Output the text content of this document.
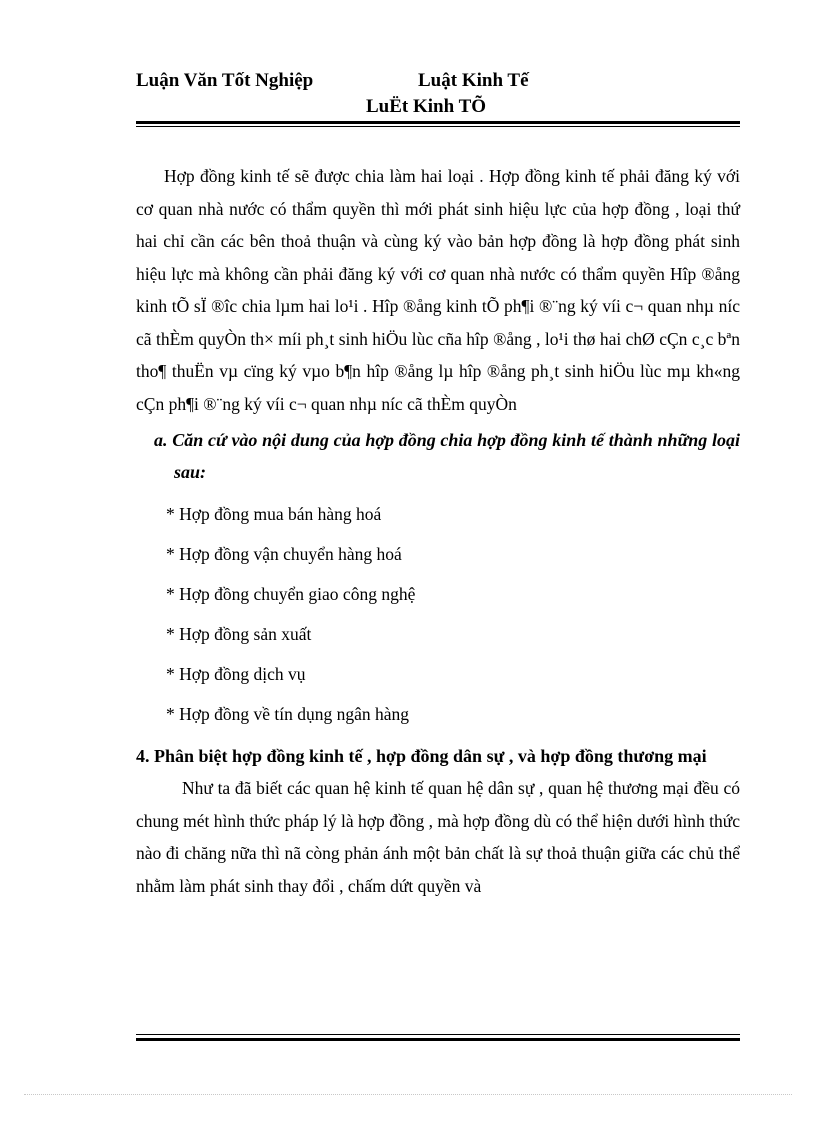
Luận Văn Tốt Nghiệp	Luật Kinh Tế
LuËt Kinh TÕ

Hợp đồng kinh tế sẽ được chia làm hai loại . Hợp đồng kinh tế phải đăng ký với cơ quan nhà nước có thẩm quyền thì mới phát sinh hiệu lực của hợp đồng , loại thứ hai chỉ cần các bên thoả thuận và cùng ký vào bản hợp đồng là hợp đồng phát sinh hiệu lực mà không cần phải đăng ký với cơ quan nhà nước có thẩm quyền Hîp ®ång kinh tÕ sÏ ®îc chia lµm hai lo¹i . Hîp ®ång kinh tÕ ph¶i ®¨ng ký víi c¬ quan nhµ níc cã thÈm quyÒn th× míi ph¸t sinh hiÖu lùc cña hîp ®ång , lo¹i thø hai chØ cÇn c¸c bªn tho¶ thuËn vµ cïng ký vµo b¶n hîp ®ång lµ hîp ®ång ph¸t sinh hiÖu lùc mµ kh«ng cÇn ph¶i ®¨ng ký víi c¬ quan nhµ níc cã thÈm quyÒn

a. Căn cứ vào nội dung của hợp đồng chia hợp đồng kinh tế thành những loại sau:

* Hợp đồng mua bán hàng hoá
* Hợp đồng vận chuyển hàng hoá
* Hợp đồng chuyển giao công nghệ
* Hợp đồng sản xuất
* Hợp đồng dịch vụ
* Hợp đồng về tín dụng ngân hàng

4. Phân biệt hợp đồng kinh tế , hợp đồng dân sự , và hợp đồng thương mại

Như ta đã biết các quan hệ kinh tế quan hệ dân sự , quan hệ thương mại đều có chung mét hình thức pháp lý là hợp đồng , mà hợp đồng dù có thể hiện dưới hình thức nào đi chăng nữa thì nã còng phản ánh một bản chất là sự thoả thuận giữa các chủ thể nhằm làm phát sinh thay đổi , chấm dứt quyền và
